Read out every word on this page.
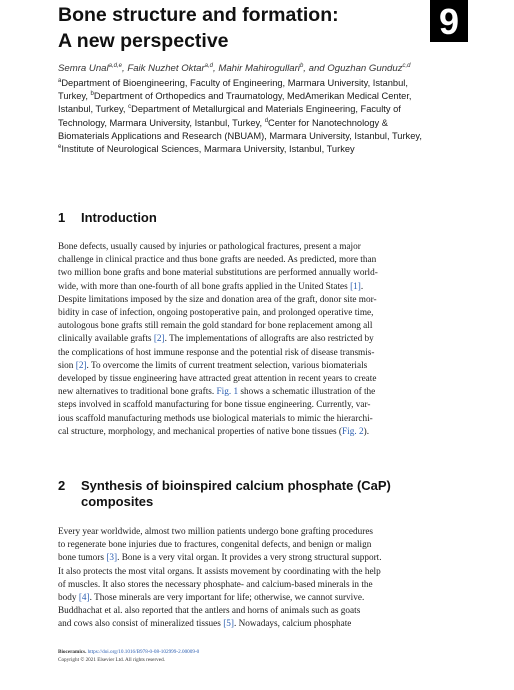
Bone structure and formation:
A new perspective	9
Semra Unal$^{a,d,e}$, Faik Nuzhet Oktar$^{a,d}$, Mahir Mahirogullari$^b$, and Oguzhan Gunduz$^{c,d}$
$^a$Department of Bioengineering, Faculty of Engineering, Marmara University, Istanbul,
Turkey, $^b$Department of Orthopedics and Traumatology, MedAmerikan Medical Center,
Istanbul, Turkey, $^c$Department of Metallurgical and Materials Engineering, Faculty of
Technology, Marmara University, Istanbul, Turkey, $^d$Center for Nanotechnology &
Biomaterials Applications and Research (NBUAM), Marmara University, Istanbul, Turkey,
$^e$Institute of Neurological Sciences, Marmara University, Istanbul, Turkey
1 Introduction
Bone defects, usually caused by injuries or pathological fractures, present a major
challenge in clinical practice and thus bone grafts are needed. As predicted, more than
two million bone grafts and bone material substitutions are performed annually world-
wide, with more than one-fourth of all bone grafts applied in the United States [1].
Despite limitations imposed by the size and donation area of the graft, donor site mor-
bidity in case of infection, ongoing postoperative pain, and prolonged operative time,
autologous bone grafts still remain the gold standard for bone replacement among all
clinically available grafts [2]. The implementations of allografts are also restricted by
the complications of host immune response and the potential risk of disease transmis-
sion [2]. To overcome the limits of current treatment selection, various biomaterials
developed by tissue engineering have attracted great attention in recent years to create
new alternatives to traditional bone grafts. Fig. 1 shows a schematic illustration of the
steps involved in scaffold manufacturing for bone tissue engineering. Currently, var-
ious scaffold manufacturing methods use biological materials to mimic the hierarchi-
cal structure, morphology, and mechanical properties of native bone tissues (Fig. 2).
2 Synthesis of bioinspired calcium phosphate (CaP)
composites
Every year worldwide, almost two million patients undergo bone grafting procedures
to regenerate bone injuries due to fractures, congenital defects, and benign or malign
bone tumors [3]. Bone is a very vital organ. It provides a very strong structural support.
It also protects the most vital organs. It assists movement by coordinating with the help
of muscles. It also stores the necessary phosphate- and calcium-based minerals in the
body [4]. Those minerals are very important for life; otherwise, we cannot survive.
Buddhachat et al. also reported that the antlers and horns of animals such as goats
and cows also consist of mineralized tissues [5]. Nowadays, calcium phosphate
Bioceramics. https://doi.org/10.1016/B978-0-08-102999-2.00009-0
Copyright © 2021 Elsevier Ltd. All rights reserved.
